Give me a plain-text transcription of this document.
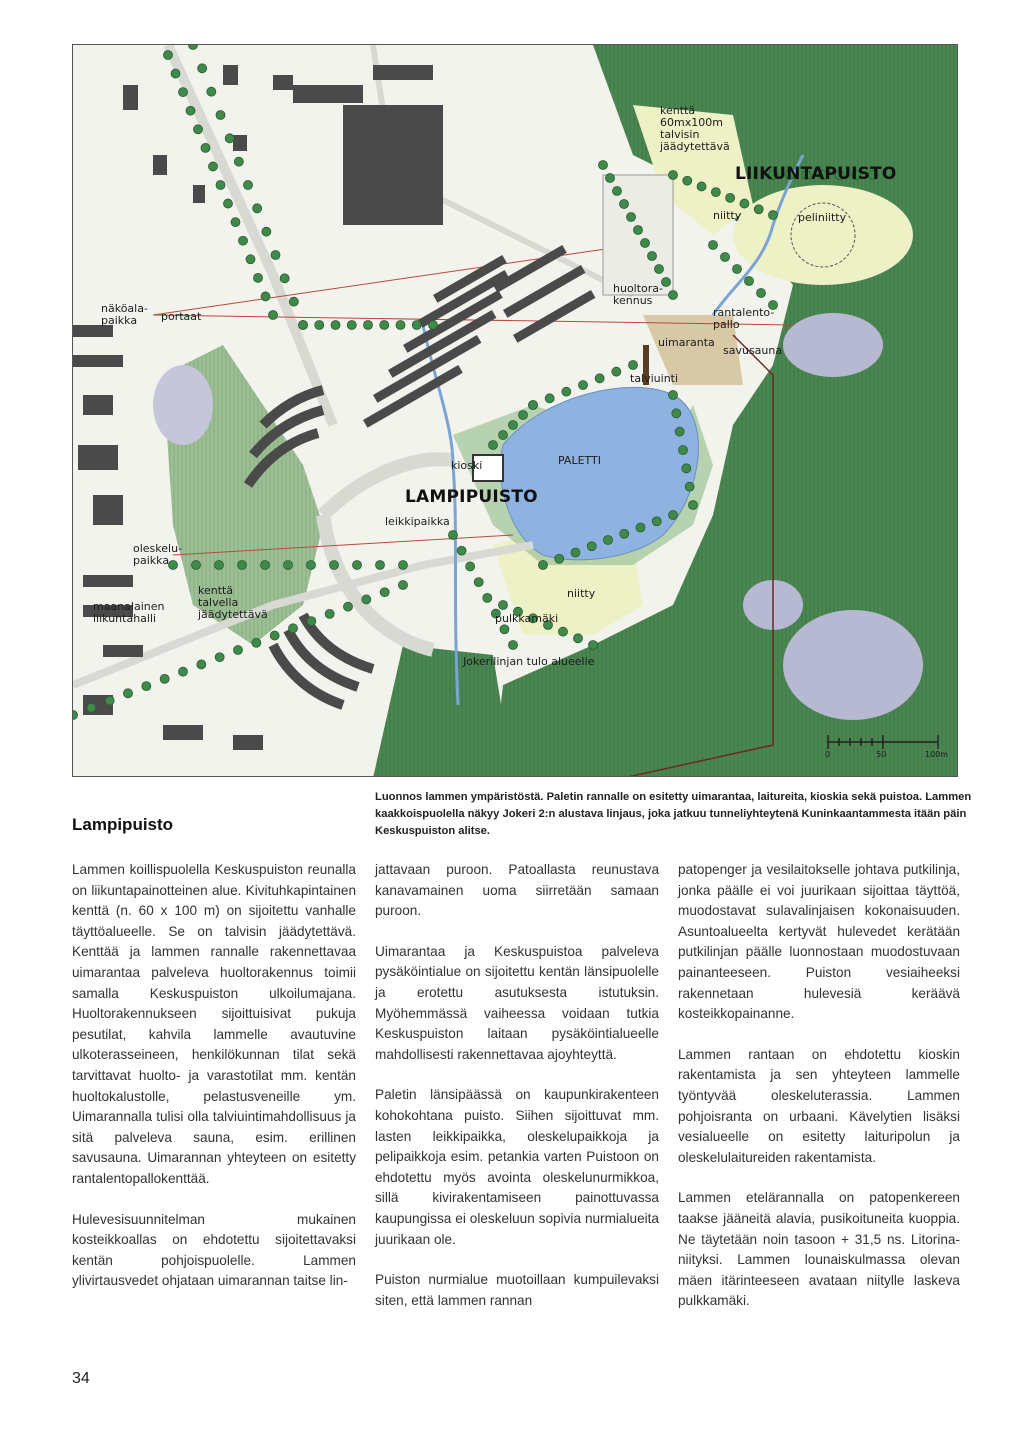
kenttä
60mx100m
talvisin
jäädytettävä
LIIKUNTAPUISTO
niitty	peliniitty
huoltora-
kennus
rantalento-
pallo
uimaranta
savusauna
talviuinti
näköala-
paikka	portaat
PALETTI
kioski
LAMPIPUISTO
leikkipaikka
oleskelu-
paikka
kenttä
talvella
jäädytettävä
maanalainen
liikuntahalli
niitty
pulkkamäki
Jokerilinjan tulo alueelle
0	50	100m
Luonnos lammen ympäristöstä. Paletin rannalle on esitetty uimarantaa, laitureita, kioskia sekä puistoa. Lammen kaakkoispuolella näkyy Jokeri 2:n alustava linjaus, joka jatkuu tunneliyhteytenä Kuninkaantammesta itään päin Keskuspuiston alitse.
Lampipuisto

Lammen koillispuolella Keskuspuiston reunalla on liikuntapainotteinen alue. Kivituhkapintainen kenttä (n. 60 x 100 m) on sijoitettu vanhalle täyttöalueelle. Se on talvisin jäädytettävä. Kenttää ja lammen rannalle rakennettavaa uimarantaa palveleva huoltorakennus toimii samalla Keskuspuiston ulkoilumajana. Huoltorakennukseen sijoittuisivat pukuja pesutilat, kahvila lammelle avautuvine ulkoterasseineen, henkilökunnan tilat sekä tarvittavat huolto- ja varastotilat mm. kentän huoltokalustolle, pelastusveneille ym. Uimarannalla tulisi olla talviuintimahdollisuus ja sitä palveleva sauna, esim. erillinen savusauna. Uimarannan yhteyteen on esitetty rantalentopallokenttää.

Hulevesisuunnitelman mukainen kosteikkoallas on ehdotettu sijoitettavaksi kentän pohjoispuolelle. Lammen ylivirtausvedet ohjataan uimarannan taitse lin-

jattavaan puroon. Patoallasta reunustava kanavamainen uoma siirretään samaan puroon.

Uimarantaa ja Keskuspuistoa palveleva pysäköintialue on sijoitettu kentän länsipuolelle ja erotettu asutuksesta istutuksin. Myöhemmässä vaiheessa voidaan tutkia Keskuspuiston laitaan pysäköintialueelle mahdollisesti rakennettavaa ajoyhteyttä.

Paletin länsipäässä on kaupunkirakenteen kohokohtana puisto. Siihen sijoittuvat mm. lasten leikkipaikka, oleskelupaikkoja ja pelipaikkoja esim. petankia varten Puistoon on ehdotettu myös avointa oleskelunurmikkoa, sillä kivirakentamiseen painottuvassa kaupungissa ei oleskeluun sopivia nurmialueita juurikaan ole.

Puiston nurmialue muotoillaan kumpuilevaksi siten, että lammen rannan

patopenger ja vesilaitokselle johtava putkilinja, jonka päälle ei voi juurikaan sijoittaa täyttöä, muodostavat sulavalinjaisen kokonaisuuden. Asuntoalueelta kertyvät hulevedet kerätään putkilinjan päälle luonnostaan muodostuvaan painanteeseen. Puiston vesiaiheeksi rakennetaan hulevesiä keräävä kosteikkopainanne.

Lammen rantaan on ehdotettu kioskin rakentamista ja sen yhteyteen lammelle työntyvää oleskeluterassia. Lammen pohjoisranta on urbaani. Kävelytien lisäksi vesialueelle on esitetty laituripolun ja oleskelulaitureiden rakentamista.

Lammen etelärannalla on patopenkereen taakse jääneitä alavia, pusikoituneita kuoppia. Ne täytetään noin tasoon + 31,5 ns. Litorina-niityksi. Lammen lounaiskulmassa olevan mäen itärinteeseen avataan niitylle laskeva pulkkamäki.

34
